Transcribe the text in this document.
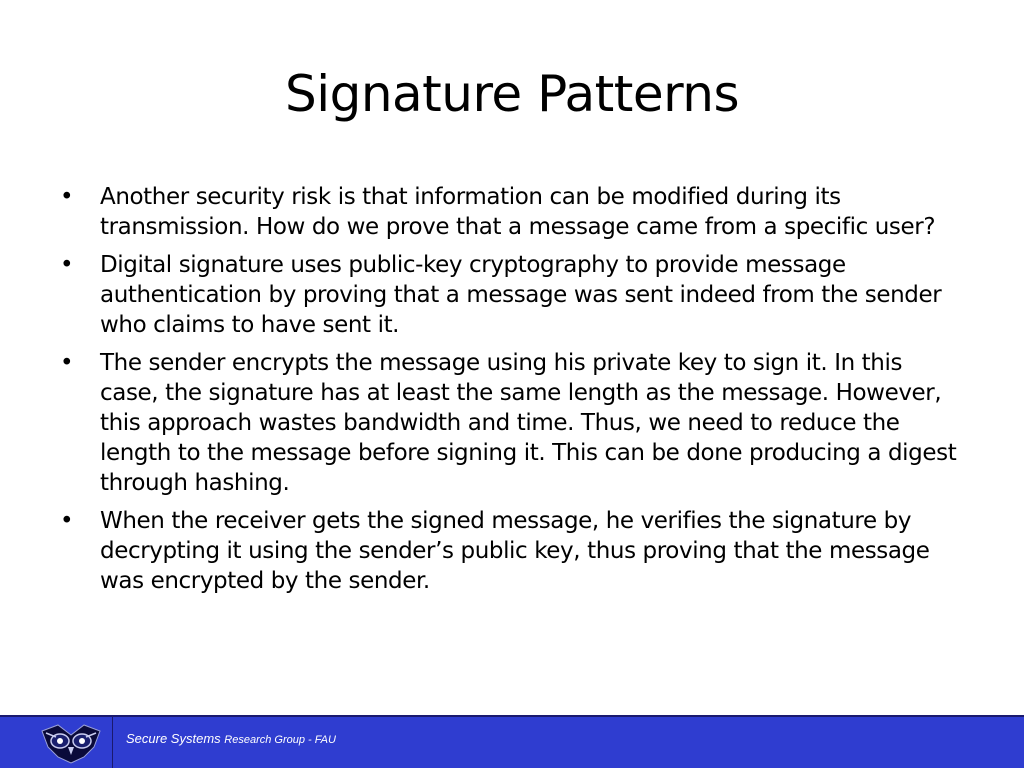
Signature Patterns
• Another security risk is that information can be modified during its transmission. How do we prove that a message came from a specific user?
• Digital signature uses public-key cryptography to provide message authentication by proving that a message was sent indeed from the sender who claims to have sent it.
• The sender encrypts the message using his private key to sign it. In this case, the signature has at least the same length as the message. However, this approach wastes bandwidth and time. Thus, we need to reduce the length to the message before signing it. This can be done producing a digest through hashing.
• When the receiver gets the signed message, he verifies the signature by decrypting it using the sender’s public key, thus proving that the message was encrypted by the sender.
Secure Systems Research Group - FAU
